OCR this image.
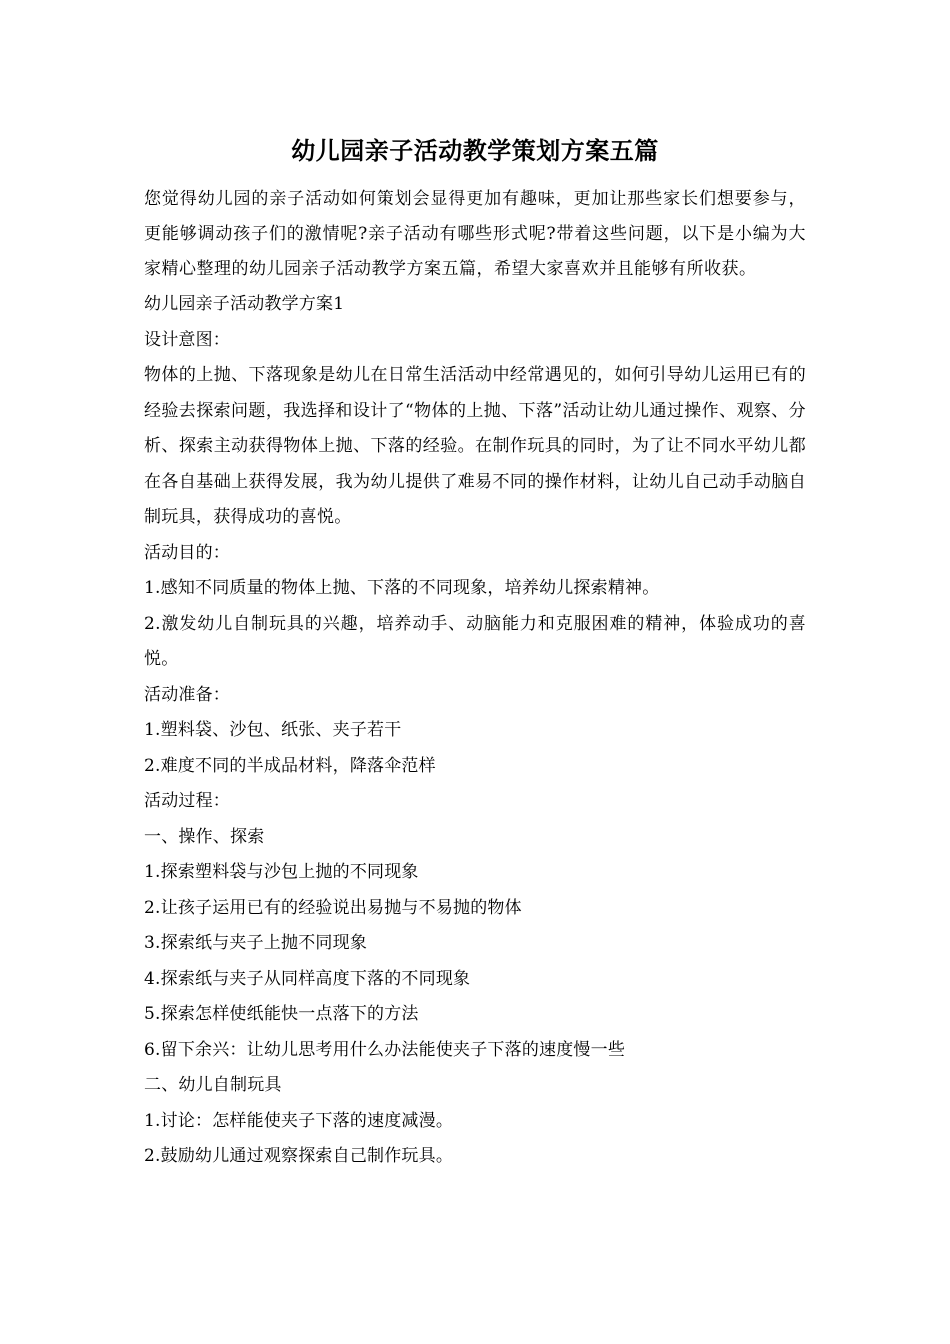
幼儿园亲子活动教学策划方案五篇

您觉得幼儿园的亲子活动如何策划会显得更加有趣味，更加让那些家长们想要参与，更能够调动孩子们的激情呢?亲子活动有哪些形式呢?带着这些问题，以下是小编为大家精心整理的幼儿园亲子活动教学方案五篇，希望大家喜欢并且能够有所收获。

幼儿园亲子活动教学方案1

设计意图：

物体的上抛、下落现象是幼儿在日常生活活动中经常遇见的，如何引导幼儿运用已有的经验去探索问题，我选择和设计了“物体的上抛、下落”活动让幼儿通过操作、观察、分析、探索主动获得物体上抛、下落的经验。在制作玩具的同时，为了让不同水平幼儿都在各自基础上获得发展，我为幼儿提供了难易不同的操作材料，让幼儿自己动手动脑自制玩具，获得成功的喜悦。

活动目的：

1.感知不同质量的物体上抛、下落的不同现象，培养幼儿探索精神。

2.激发幼儿自制玩具的兴趣，培养动手、动脑能力和克服困难的精神，体验成功的喜悦。

活动准备：

1.塑料袋、沙包、纸张、夹子若干

2.难度不同的半成品材料，降落伞范样

活动过程：

一、操作、探索

1.探索塑料袋与沙包上抛的不同现象

2.让孩子运用已有的经验说出易抛与不易抛的物体

3.探索纸与夹子上抛不同现象

4.探索纸与夹子从同样高度下落的不同现象

5.探索怎样使纸能快一点落下的方法

6.留下余兴：让幼儿思考用什么办法能使夹子下落的速度慢一些

二、幼儿自制玩具

1.讨论：怎样能使夹子下落的速度减漫。

2.鼓励幼儿通过观察探索自己制作玩具。
